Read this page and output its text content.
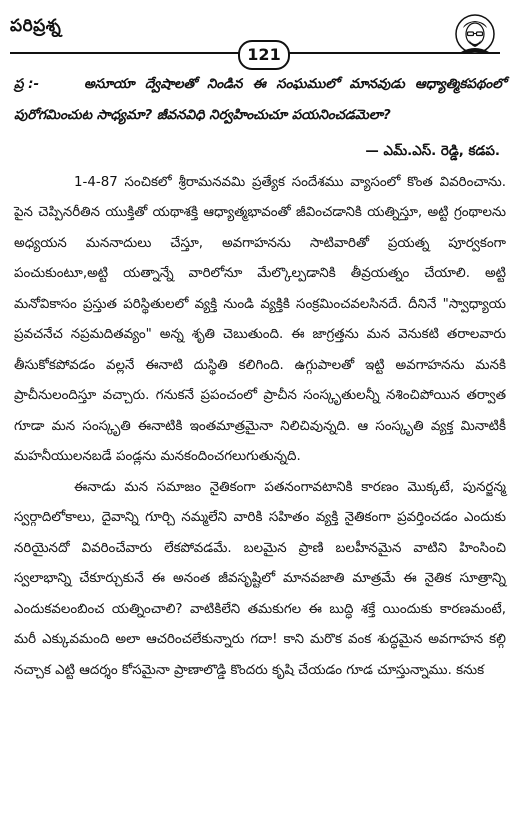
పరిప్రశ్న
121

ప్ర :-	అసూయా ద్వేషాలతో నిండిన ఈ సంఘములో మానవుడు ఆధ్యాత్మికపథంలో పురోగమించుట సాధ్యమా? జీవనవిధి నిర్వహించుచూ పయనించడమెలా?

— ఎమ్.ఎస్. రెడ్డి, కడప.

1-4-87 సంచికలో శ్రీరామనవమి ప్రత్యేక సందేశము వ్యాసంలో కొంత వివరించాను. పైన చెప్పినరీతిన యుక్తితో యథాశక్తి ఆధ్యాత్మభావంతో జీవించడానికి యత్నిస్తూ, అట్టి గ్రంథాలను అధ్యయన మననాదులు చేస్తూ, అవగాహనను సాటివారితో ప్రయత్న పూర్వకంగా పంచుకుంటూ,అట్టి యత్నాన్నే వారిలోనూ మేల్కొల్పడానికి తీవ్రయత్నం చేయాలి. అట్టి మనోవికాసం ప్రస్తుత పరిస్థితులలో వ్యక్తి నుండి వ్యక్తికి సంక్రమించవలసినదే. దీనినే "స్వాధ్యాయ ప్రవచనేచ నప్రమదితవ్యం" అన్న శృతి చెబుతుంది. ఈ జాగ్రత్తను మన వెనుకటి తరాలవారు తీసుకోకపోవడం వల్లనే ఈనాటి దుస్థితి కలిగింది. ఉగ్గుపాలతో ఇట్టి అవగాహనను మనకి ప్రాచీనులందిస్తూ వచ్చారు. గనుకనే ప్రపంచంలో ప్రాచీన సంస్కృతులన్నీ నశించిపోయిన తర్వాత గూడా మన సంస్కృతి ఈనాటికి ఇంతమాత్రమైనా నిలిచివున్నది. ఆ సంస్కృతి వ్యక్త మినాటికీ మహనీయులనబడే పండ్లను మనకందించగలుగుతున్నది.

ఈనాడు మన సమాజం నైతికంగా పతనంగావటానికి కారణం మొక్కటే, పునర్జన్మ స్వర్గాదిలోకాలు, దైవాన్ని గూర్చి నమ్మలేని వారికి సహితం వ్యక్తి నైతికంగా ప్రవర్తించడం ఎందుకు నరియైనదో వివరించేవారు లేకపోవడమే. బలమైన ప్రాణి బలహీనమైన వాటిని హింసించి స్వలాభాన్ని చేకూర్చుకునే ఈ అనంత జీవసృష్టిలో మానవజాతి మాత్రమే ఈ నైతిక సూత్రాన్ని ఎందుకవలంబించ యత్నించాలి? వాటికిలేని తమకుగల ఈ బుద్ధి శక్తే యిందుకు కారణమంటే, మరీ ఎక్కువమంది అలా ఆచరించలేకున్నారు గదా! కాని మరొక వంక శుద్ధమైన అవగాహన కల్గి నచ్చాక ఎట్టి ఆదర్శం కోసమైనా ప్రాణాలొడ్డి కొందరు కృషి చేయడం గూడ చూస్తున్నాము. కనుక
